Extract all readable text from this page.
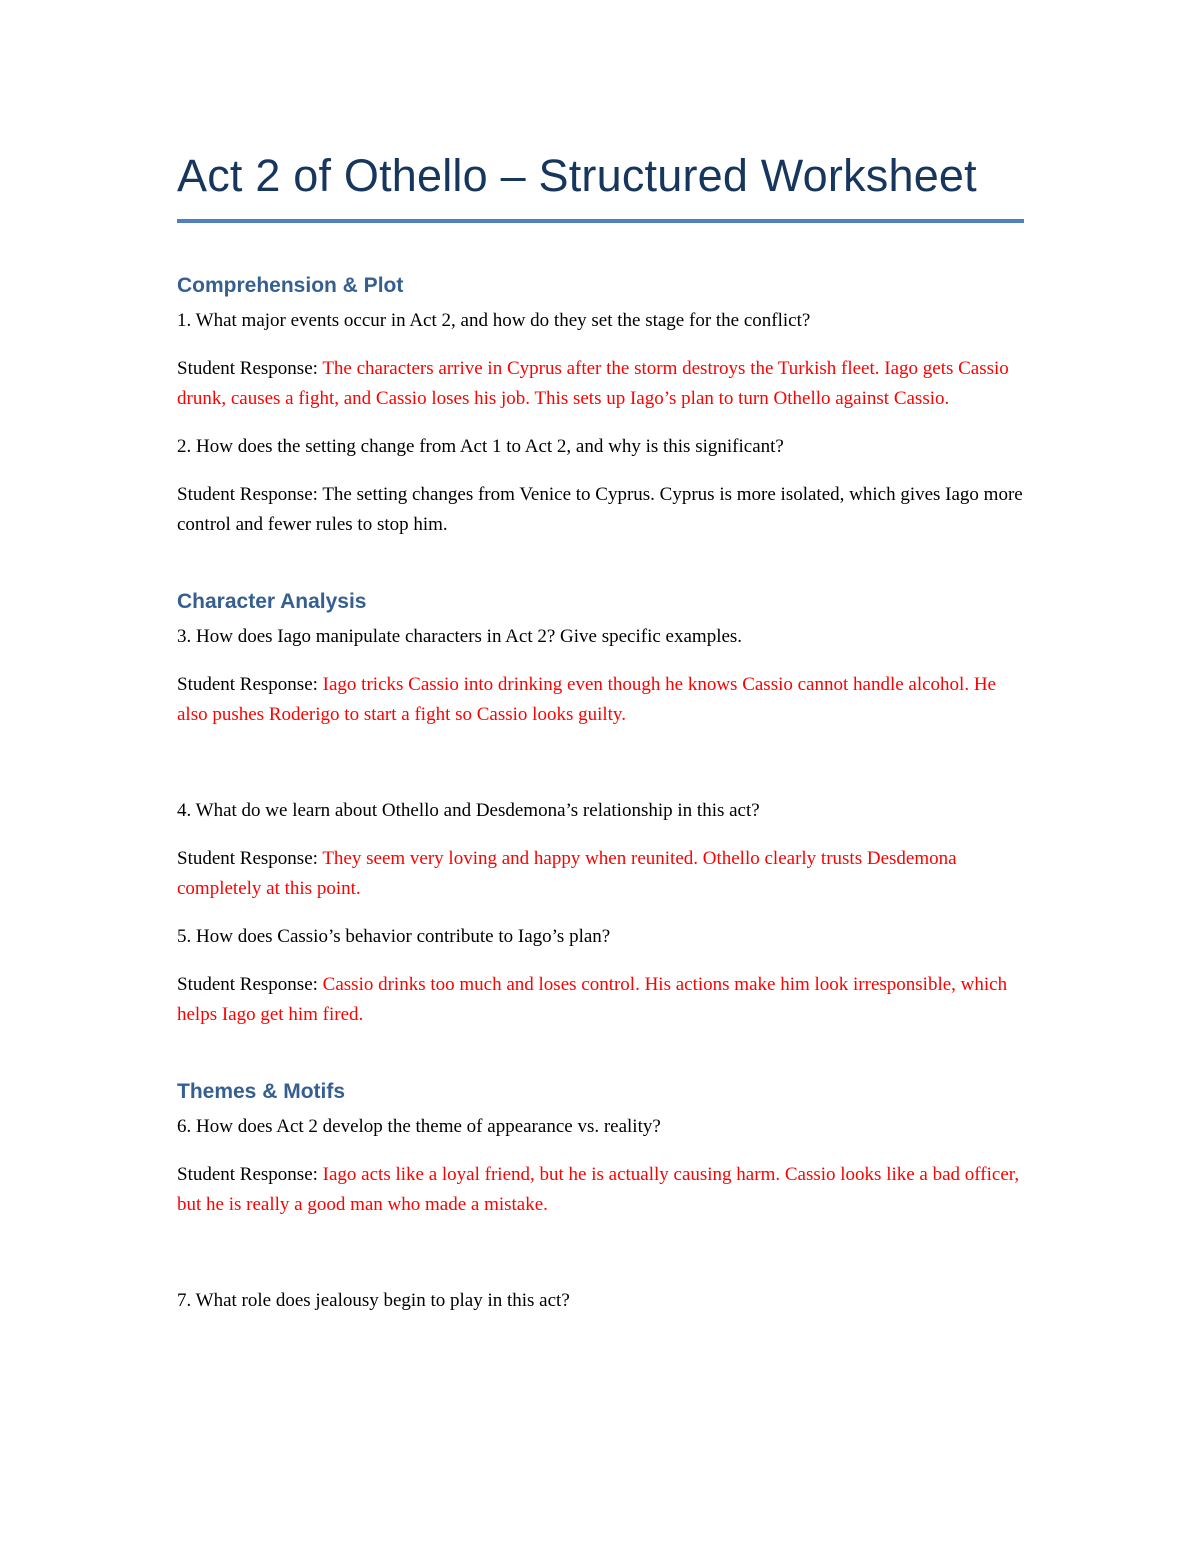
Act 2 of Othello – Structured Worksheet
Comprehension & Plot

1. What major events occur in Act 2, and how do they set the stage for the conflict?

Student Response: The characters arrive in Cyprus after the storm destroys the Turkish fleet. Iago gets Cassio drunk, causes a fight, and Cassio loses his job. This sets up Iago’s plan to turn Othello against Cassio.

2. How does the setting change from Act 1 to Act 2, and why is this significant?

Student Response: The setting changes from Venice to Cyprus. Cyprus is more isolated, which gives Iago more control and fewer rules to stop him.

Character Analysis

3. How does Iago manipulate characters in Act 2? Give specific examples.

Student Response: Iago tricks Cassio into drinking even though he knows Cassio cannot handle alcohol. He also pushes Roderigo to start a fight so Cassio looks guilty.

4. What do we learn about Othello and Desdemona’s relationship in this act?

Student Response: They seem very loving and happy when reunited. Othello clearly trusts Desdemona completely at this point.

5. How does Cassio’s behavior contribute to Iago’s plan?

Student Response: Cassio drinks too much and loses control. His actions make him look irresponsible, which helps Iago get him fired.

Themes & Motifs

6. How does Act 2 develop the theme of appearance vs. reality?

Student Response: Iago acts like a loyal friend, but he is actually causing harm. Cassio looks like a bad officer, but he is really a good man who made a mistake.

7. What role does jealousy begin to play in this act?
